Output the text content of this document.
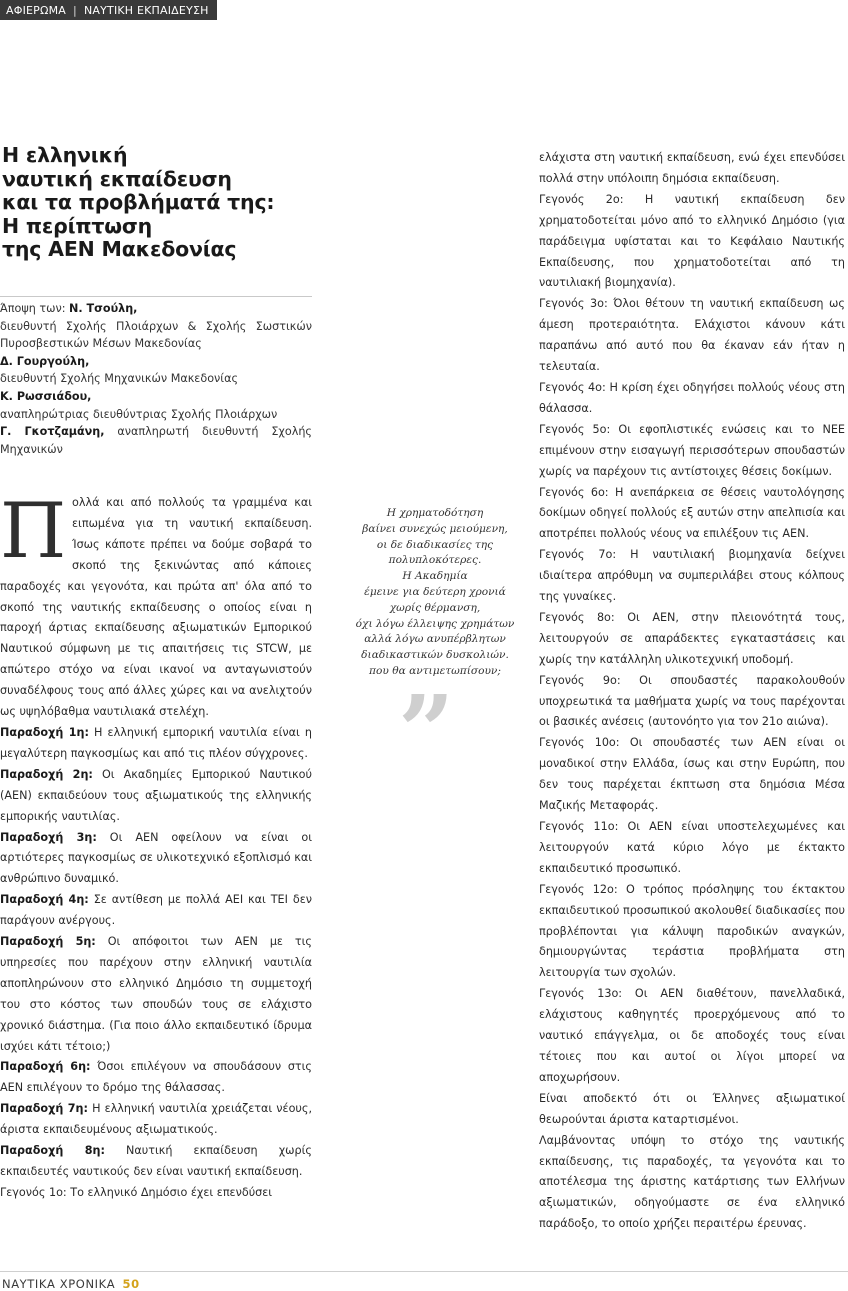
ΑΦΙΕΡΩΜΑ | ΝΑΥΤΙΚΗ ΕΚΠΑΙΔΕΥΣΗ
Η ελληνική
ναυτική εκπαίδευση
και τα προβλήματά της:
Η περίπτωση
της ΑΕΝ Μακεδονίας
Άποψη των: Ν. Τσούλη,
διευθυντή Σχολής Πλοιάρχων & Σχολής Σωστικών
Πυροσβεστικών Μέσων Μακεδονίας
Δ. Γουργούλη,
διευθυντή Σχολής Μηχανικών Μακεδονίας
Κ. Ρωσσιάδου,
αναπληρώτριας διευθύντριας Σχολής Πλοιάρχων
Γ. Γκοτζαμάνη, αναπληρωτή διευθυντή Σχολής
Μηχανικών

Π ολλά και από πολλούς τα γραμμένα και ειπωμένα για τη ναυτική εκπαίδευση. Ίσως κάποτε πρέπει να δούμε σοβαρά το σκοπό της ξεκινώντας από κάποιες παραδοχές και γεγονότα, και πρώτα απ' όλα από το σκοπό της ναυτικής εκπαίδευσης ο οποίος είναι η παροχή άρτιας εκπαίδευσης αξιωματικών Εμπορικού Ναυτικού σύμφωνη με τις απαιτήσεις τις STCW, με απώτερο στόχο να είναι ικανοί να ανταγωνιστούν συναδέλφους τους από άλλες χώρες και να ανελιχτούν ως υψηλόβαθμα ναυτιλιακά στελέχη.

Παραδοχή 1η: Η ελληνική εμπορική ναυτιλία είναι η μεγαλύτερη παγκοσμίως και από τις πλέον σύγχρονες.

Παραδοχή 2η: Οι Ακαδημίες Εμπορικού Ναυτικού (ΑΕΝ) εκπαιδεύουν τους αξιωματικούς της ελληνικής εμπορικής ναυτιλίας.

Παραδοχή 3η: Οι ΑΕΝ οφείλουν να είναι οι αρτιότερες παγκοσμίως σε υλικοτεχνικό εξοπλισμό και ανθρώπινο δυναμικό.

Παραδοχή 4η: Σε αντίθεση με πολλά ΑΕΙ και ΤΕΙ δεν παράγουν ανέργους.

Παραδοχή 5η: Οι απόφοιτοι των ΑΕΝ με τις υπηρεσίες που παρέχουν στην ελληνική ναυτιλία αποπληρώνουν στο ελληνικό Δημόσιο τη συμμετοχή του στο κόστος των σπουδών τους σε ελάχιστο χρονικό διάστημα. (Για ποιο άλλο εκπαιδευτικό ίδρυμα ισχύει κάτι τέτοιο;)

Παραδοχή 6η: Όσοι επιλέγουν να σπουδάσουν στις ΑΕΝ επιλέγουν το δρόμο της θάλασσας.

Παραδοχή 7η: Η ελληνική ναυτιλία χρειάζεται νέους, άριστα εκπαιδευμένους αξιωματικούς.

Παραδοχή 8η: Ναυτική εκπαίδευση χωρίς εκπαιδευτές ναυτικούς δεν είναι ναυτική εκπαίδευση.

Γεγονός 1ο: Το ελληνικό Δημόσιο έχει επενδύσει

Η χρηματοδότηση
βαίνει συνεχώς μειούμενη,
οι δε διαδικασίες της
πολυπλοκότερες.
Η Ακαδημία
έμεινε για δεύτερη χρονιά
χωρίς θέρμανση,
όχι λόγω έλλειψης χρημάτων
αλλά λόγω ανυπέρβλητων
διαδικαστικών δυσκολιών.
που θα αντιμετωπίσουν;
”

ελάχιστα στη ναυτική εκπαίδευση, ενώ έχει επενδύσει πολλά στην υπόλοιπη δημόσια εκπαίδευση.

Γεγονός 2ο: Η ναυτική εκπαίδευση δεν χρηματοδοτείται μόνο από το ελληνικό Δημόσιο (για παράδειγμα υφίσταται και το Κεφάλαιο Ναυτικής Εκπαίδευσης, που χρηματοδοτείται από τη ναυτιλιακή βιομηχανία).

Γεγονός 3ο: Όλοι θέτουν τη ναυτική εκπαίδευση ως άμεση προτεραιότητα. Ελάχιστοι κάνουν κάτι παραπάνω από αυτό που θα έκαναν εάν ήταν η τελευταία.

Γεγονός 4ο: Η κρίση έχει οδηγήσει πολλούς νέους στη θάλασσα.

Γεγονός 5ο: Οι εφοπλιστικές ενώσεις και το ΝΕΕ επιμένουν στην εισαγωγή περισσότερων σπουδαστών χωρίς να παρέχουν τις αντίστοιχες θέσεις δοκίμων.

Γεγονός 6ο: Η ανεπάρκεια σε θέσεις ναυτολόγησης δοκίμων οδηγεί πολλούς εξ αυτών στην απελπισία και αποτρέπει πολλούς νέους να επιλέξουν τις ΑΕΝ.

Γεγονός 7ο: Η ναυτιλιακή βιομηχανία δείχνει ιδιαίτερα απρόθυμη να συμπεριλάβει στους κόλπους της γυναίκες.

Γεγονός 8ο: Οι ΑΕΝ, στην πλειονότητά τους, λειτουργούν σε απαράδεκτες εγκαταστάσεις και χωρίς την κατάλληλη υλικοτεχνική υποδομή.

Γεγονός 9ο: Οι σπουδαστές παρακολουθούν υποχρεωτικά τα μαθήματα χωρίς να τους παρέχονται οι βασικές ανέσεις (αυτονόητο για τον 21ο αιώνα).

Γεγονός 10ο: Οι σπουδαστές των ΑΕΝ είναι οι μοναδικοί στην Ελλάδα, ίσως και στην Ευρώπη, που δεν τους παρέχεται έκπτωση στα δημόσια Μέσα Μαζικής Μεταφοράς.

Γεγονός 11ο: Οι ΑΕΝ είναι υποστελεχωμένες και λειτουργούν κατά κύριο λόγο με έκτακτο εκπαιδευτικό προσωπικό.

Γεγονός 12ο: Ο τρόπος πρόσληψης του έκτακτου εκπαιδευτικού προσωπικού ακολουθεί διαδικασίες που προβλέπονται για κάλυψη παροδικών αναγκών, δημιουργώντας τεράστια προβλήματα στη λειτουργία των σχολών.

Γεγονός 13ο: Οι ΑΕΝ διαθέτουν, πανελλαδικά, ελάχιστους καθηγητές προερχόμενους από το ναυτικό επάγγελμα, οι δε αποδοχές τους είναι τέτοιες που και αυτοί οι λίγοι μπορεί να αποχωρήσουν.

Είναι αποδεκτό ότι οι Έλληνες αξιωματικοί θεωρούνται άριστα καταρτισμένοι.

Λαμβάνοντας υπόψη το στόχο της ναυτικής εκπαίδευσης, τις παραδοχές, τα γεγονότα και το αποτέλεσμα της άριστης κατάρτισης των Ελλήνων αξιωματικών, οδηγούμαστε σε ένα ελληνικό παράδοξο, το οποίο χρήζει περαιτέρω έρευνας.

ΝΑΥΤΙΚΑ ΧΡΟΝΙΚΑ 50
